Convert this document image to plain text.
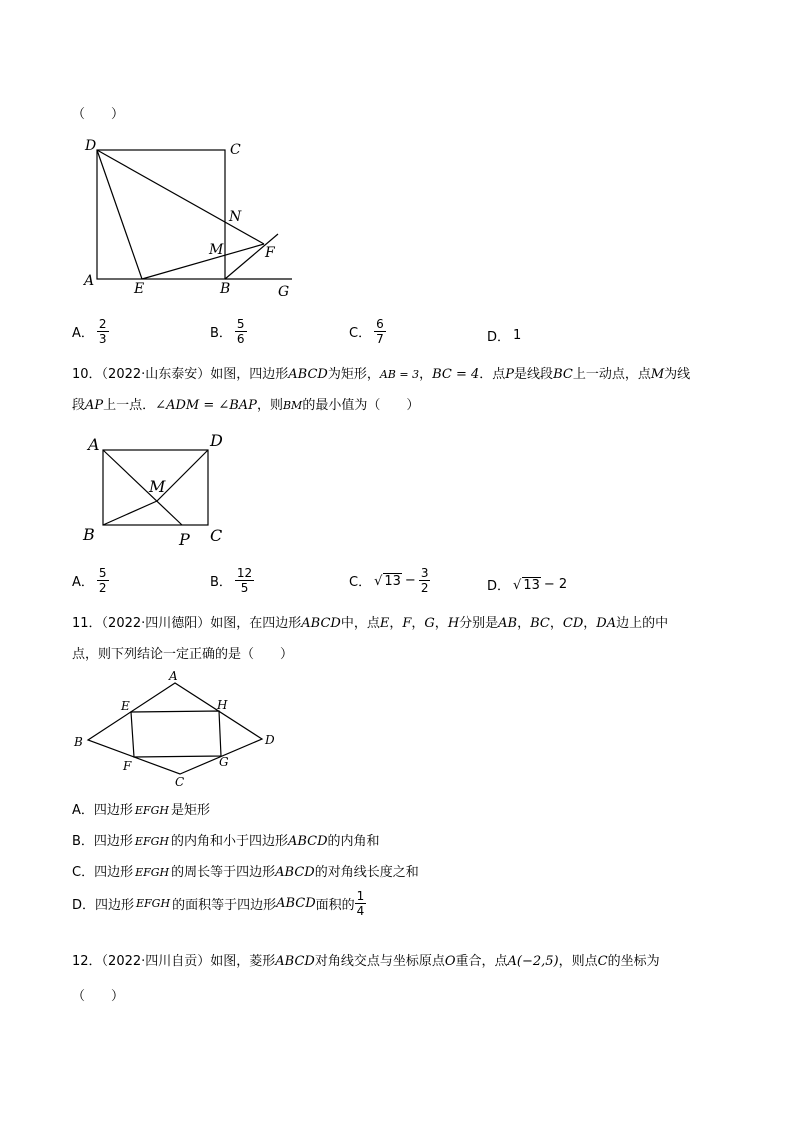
（　　）
D	C
N
M	F
A	E	B	G
A． $\frac{2}{3}$	B． $\frac{5}{6}$	C． $\frac{6}{7}$	D． 1
10．（2022·山东泰安）如图，四边形ABCD为矩形，AB = 3，BC = 4．点P是线段BC上一动点，点M为线
段AP上一点．∠ADM = ∠BAP，则BM的最小值为（　　）
A	D
M
B	P C
A． $\frac{5}{2}$	B． $\frac{12}{5}$	C． √ $13 - \frac{3}{2}$	D． √ 13 − 2
11．（2022·四川德阳）如图，在四边形ABCD中，点E，F，G，H分别是AB，BC，CD，DA边上的中
点，则下列结论一定正确的是（　　）
A
E	H
B	D
F	G
C
A．四边形 EFGH 是矩形
B．四边形 EFGH 的内角和小于四边形ABCD的内角和
C．四边形 EFGH 的周长等于四边形ABCD的对角线长度之和
D．四边形 EFGH 的面积等于四边形 ABCD 面积的 $\frac{1}{4}$
12．（2022·四川自贡）如图，菱形ABCD对角线交点与坐标原点O重合，点A(−2,5)，则点C的坐标为
（　　）
